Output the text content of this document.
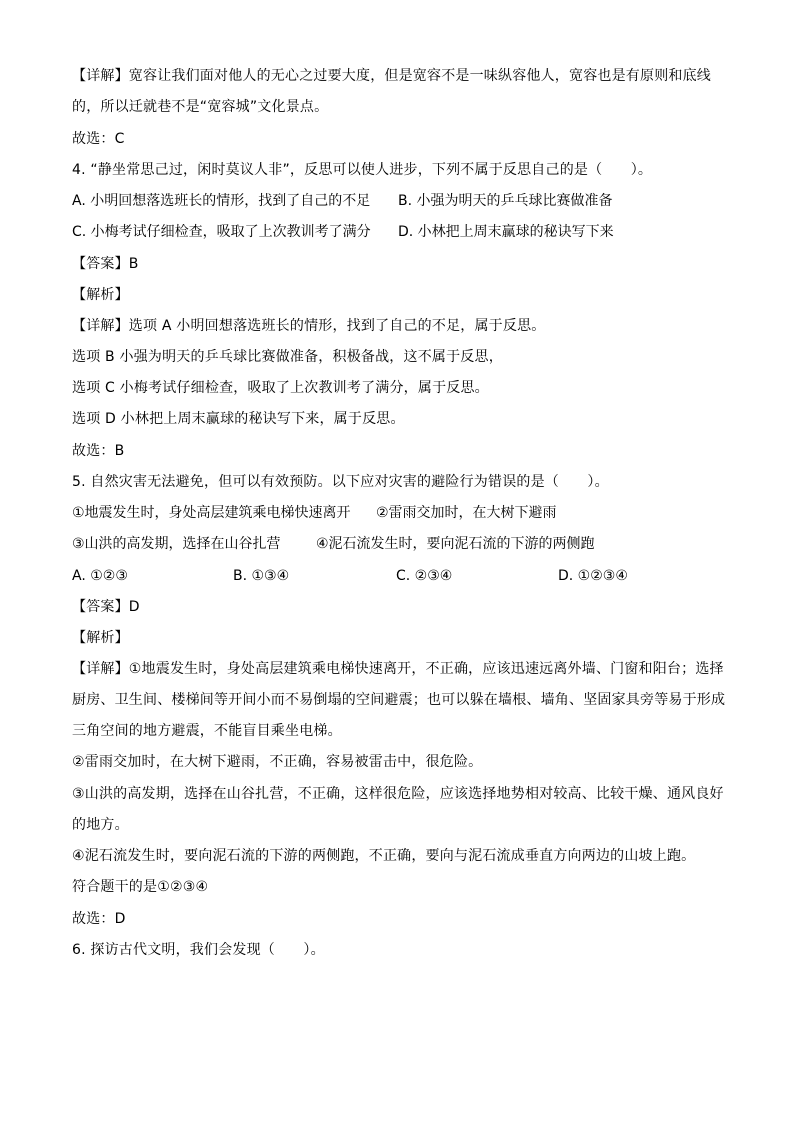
【详解】宽容让我们面对他人的无心之过要大度，但是宽容不是一味纵容他人，宽容也是有原则和底线
的，所以迁就巷不是“宽容城”文化景点。
故选：C
4. “静坐常思己过，闲时莫议人非”，反思可以使人进步，下列不属于反思自己的是（　　）。
A. 小明回想落选班长的情形，找到了自己的不足 B. 小强为明天的乒乓球比赛做准备
C. 小梅考试仔细检查，吸取了上次教训考了满分 D. 小林把上周末赢球的秘诀写下来
【答案】B
【解析】
【详解】选项 A 小明回想落选班长的情形，找到了自己的不足，属于反思。
选项 B 小强为明天的乒乓球比赛做准备，积极备战，这不属于反思，
选项 C 小梅考试仔细检查，吸取了上次教训考了满分，属于反思。
选项 D 小林把上周末赢球的秘诀写下来，属于反思。
故选：B
5. 自然灾害无法避免，但可以有效预防。以下应对灾害的避险行为错误的是（　　）。
①地震发生时，身处高层建筑乘电梯快速离开 ②雷雨交加时，在大树下避雨
③山洪的高发期，选择在山谷扎营	④泥石流发生时，要向泥石流的下游的两侧跑
A. ①②③	B. ①③④	C. ②③④	D. ①②③④
【答案】D
【解析】
【详解】①地震发生时，身处高层建筑乘电梯快速离开，不正确，应该迅速远离外墙、门窗和阳台；选择
厨房、卫生间、楼梯间等开间小而不易倒塌的空间避震；也可以躲在墙根、墙角、坚固家具旁等易于形成
三角空间的地方避震，不能盲目乘坐电梯。
②雷雨交加时，在大树下避雨，不正确，容易被雷击中，很危险。
③山洪的高发期，选择在山谷扎营，不正确，这样很危险，应该选择地势相对较高、比较干燥、通风良好
的地方。
④泥石流发生时，要向泥石流的下游的两侧跑，不正确，要向与泥石流成垂直方向两边的山坡上跑。
符合题干的是①②③④
故选：D
6. 探访古代文明，我们会发现（　　）。
